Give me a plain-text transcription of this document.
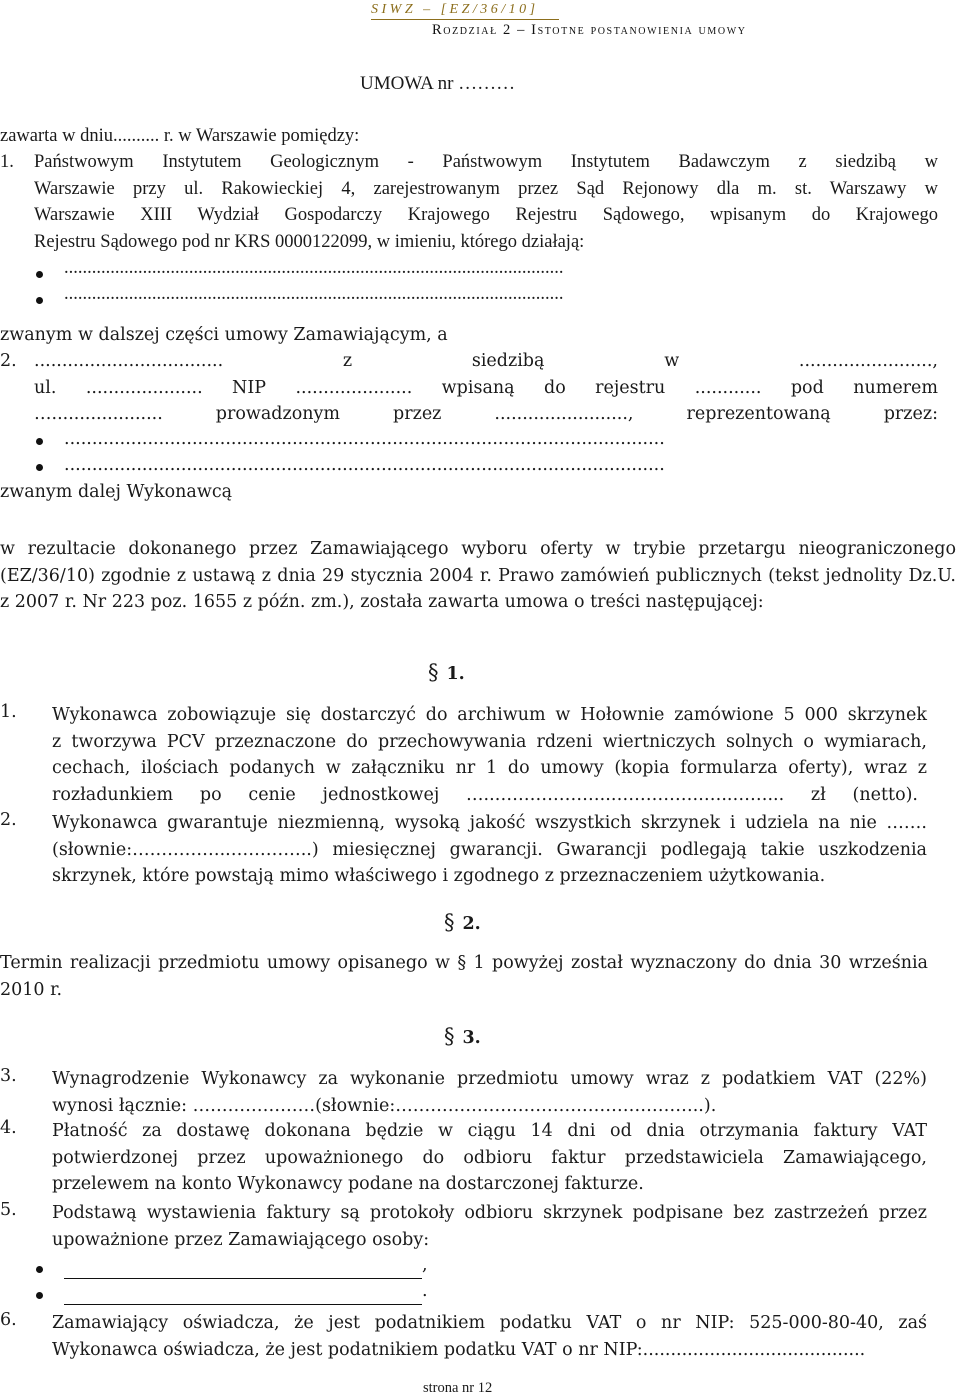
SIWZ – [EZ/36/10]
Rozdział 2 – Istotne postanowienia umowy
UMOWA nr ………
zawarta w dniu.......... r. w Warszawie pomiędzy:
1. Państwowym Instytutem Geologicznym - Państwowym Instytutem Badawczym z siedzibą w
Warszawie przy ul. Rakowieckiej 4, zarejestrowanym przez Sąd Rejonowy dla m. st. Warszawy w
Warszawie XIII Wydział Gospodarczy Krajowego Rejestru Sądowego, wpisanym do Krajowego
Rejestru Sądowego pod nr KRS 0000122099, w imieniu, którego działają:
............................................................................................................
............................................................................................................
zwanym w dalszej części umowy Zamawiającym, a
2. .................................. z siedzibą w ........................,
ul. ..................... NIP ..................... wpisaną do rejestru ............ pod numerem
….................... prowadzonym przez ........................, reprezentowaną przez:
............................................................................................................
............................................................................................................
zwanym dalej Wykonawcą
w rezultacie dokonanego przez Zamawiającego wyboru oferty w trybie przetargu nieograniczonego
(EZ/36/10) zgodnie z ustawą z dnia 29 stycznia 2004 r. Prawo zamówień publicznych (tekst jednolity Dz.U.
z 2007 r. Nr 223 poz. 1655 z późn. zm.), została zawarta umowa o treści następującej:
§ 1.
1. Wykonawca zobowiązuje się dostarczyć do archiwum w Hołownie zamówione 5 000 skrzynek
z tworzywa PCV przeznaczone do przechowywania rdzeni wiertniczych solnych o wymiarach,
cechach, ilościach podanych w załączniku nr 1 do umowy (kopia formularza oferty), wraz z
rozładunkiem po cenie jednostkowej …..………………..…………….…..……... zł (netto).
2. Wykonawca gwarantuje niezmienną, wysoką jakość wszystkich skrzynek i udziela na nie …….
(słownie:……………..…………..) miesięcznej gwarancji. Gwarancji podlegają takie uszkodzenia
skrzynek, które powstają mimo właściwego i zgodnego z przeznaczeniem użytkowania.
§ 2.
Termin realizacji przedmiotu umowy opisanego w § 1 powyżej został wyznaczony do dnia 30 września
2010 r.
§ 3.
3. Wynagrodzenie Wykonawcy za wykonanie przedmiotu umowy wraz z podatkiem VAT (22%)
wynosi łącznie: …………………(słownie:……………………………………………..).
4. Płatność za dostawę dokonana będzie w ciągu 14 dni od dnia otrzymania faktury VAT
potwierdzonej przez upoważnionego do odbioru faktur przedstawiciela Zamawiającego,
przelewem na konto Wykonawcy podane na dostarczonej fakturze.
5. Podstawą wystawienia faktury są protokoły odbioru skrzynek podpisane bez zastrzeżeń przez
upoważnione przez Zamawiającego osoby:
,
.
6. Zamawiający oświadcza, że jest podatnikiem podatku VAT o nr NIP: 525-000-80-40, zaś
Wykonawca oświadcza, że jest podatnikiem podatku VAT o nr NIP:........................................
strona nr 12
